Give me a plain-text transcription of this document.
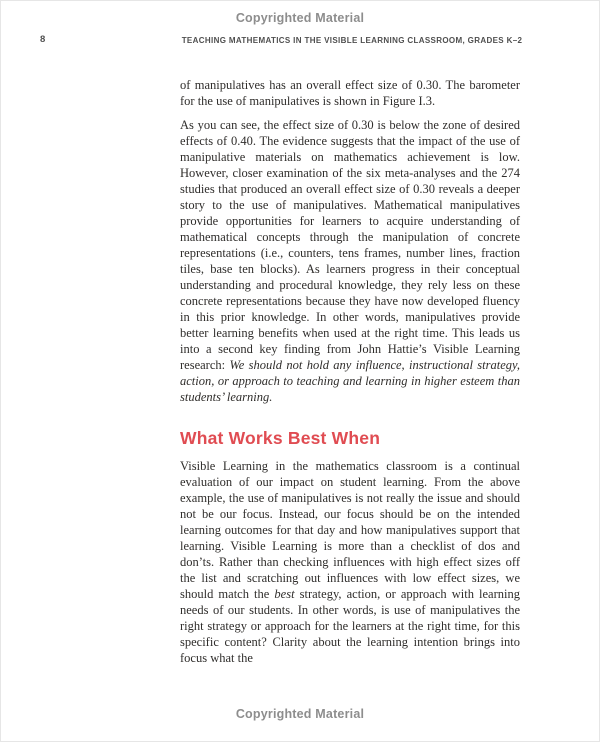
Copyrighted Material
8	TEACHING MATHEMATICS IN THE VISIBLE LEARNING CLASSROOM, GRADES K–2

of manipulatives has an overall effect size of 0.30. The barometer for the use of manipulatives is shown in Figure I.3.

As you can see, the effect size of 0.30 is below the zone of desired effects of 0.40. The evidence suggests that the impact of the use of manipulative materials on mathematics achievement is low. However, closer examination of the six meta-analyses and the 274 studies that produced an overall effect size of 0.30 reveals a deeper story to the use of manipulatives. Mathematical manipulatives provide opportunities for learners to acquire understanding of mathematical concepts through the manipulation of concrete representations (i.e., counters, tens frames, number lines, fraction tiles, base ten blocks). As learners progress in their conceptual understanding and procedural knowledge, they rely less on these concrete representations because they have now developed fluency in this prior knowledge. In other words, manipulatives provide better learning benefits when used at the right time. This leads us into a second key finding from John Hattie’s Visible Learning research: We should not hold any influence, instructional strategy, action, or approach to teaching and learning in higher esteem than students’ learning.

What Works Best When

Visible Learning in the mathematics classroom is a continual evaluation of our impact on student learning. From the above example, the use of manipulatives is not really the issue and should not be our focus. Instead, our focus should be on the intended learning outcomes for that day and how manipulatives support that learning. Visible Learning is more than a checklist of dos and don’ts. Rather than checking influences with high effect sizes off the list and scratching out influences with low effect sizes, we should match the best strategy, action, or approach with learning needs of our students. In other words, is use of manipulatives the right strategy or approach for the learners at the right time, for this specific content? Clarity about the learning intention brings into focus what the

Copyrighted Material
